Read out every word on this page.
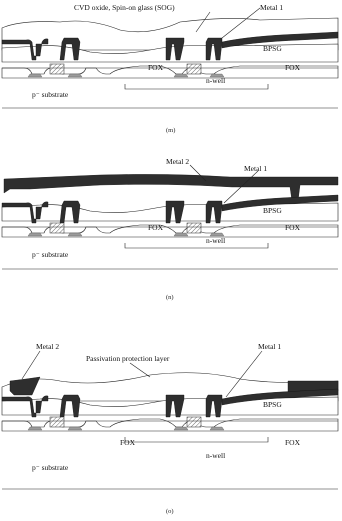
CVD oxide, Spin-on glass (SOG)	Metal 1
BPSG
FOX	FOX
n-well
p⁻ substrate
(m)
Metal 2
Metal 1
BPSG
FOX	FOX
n-well
p⁻ substrate
(n)
Metal 2
Passivation protection layer
Metal 1
BPSG
FOX	FOX
n-well
p⁻ substrate
(o)
